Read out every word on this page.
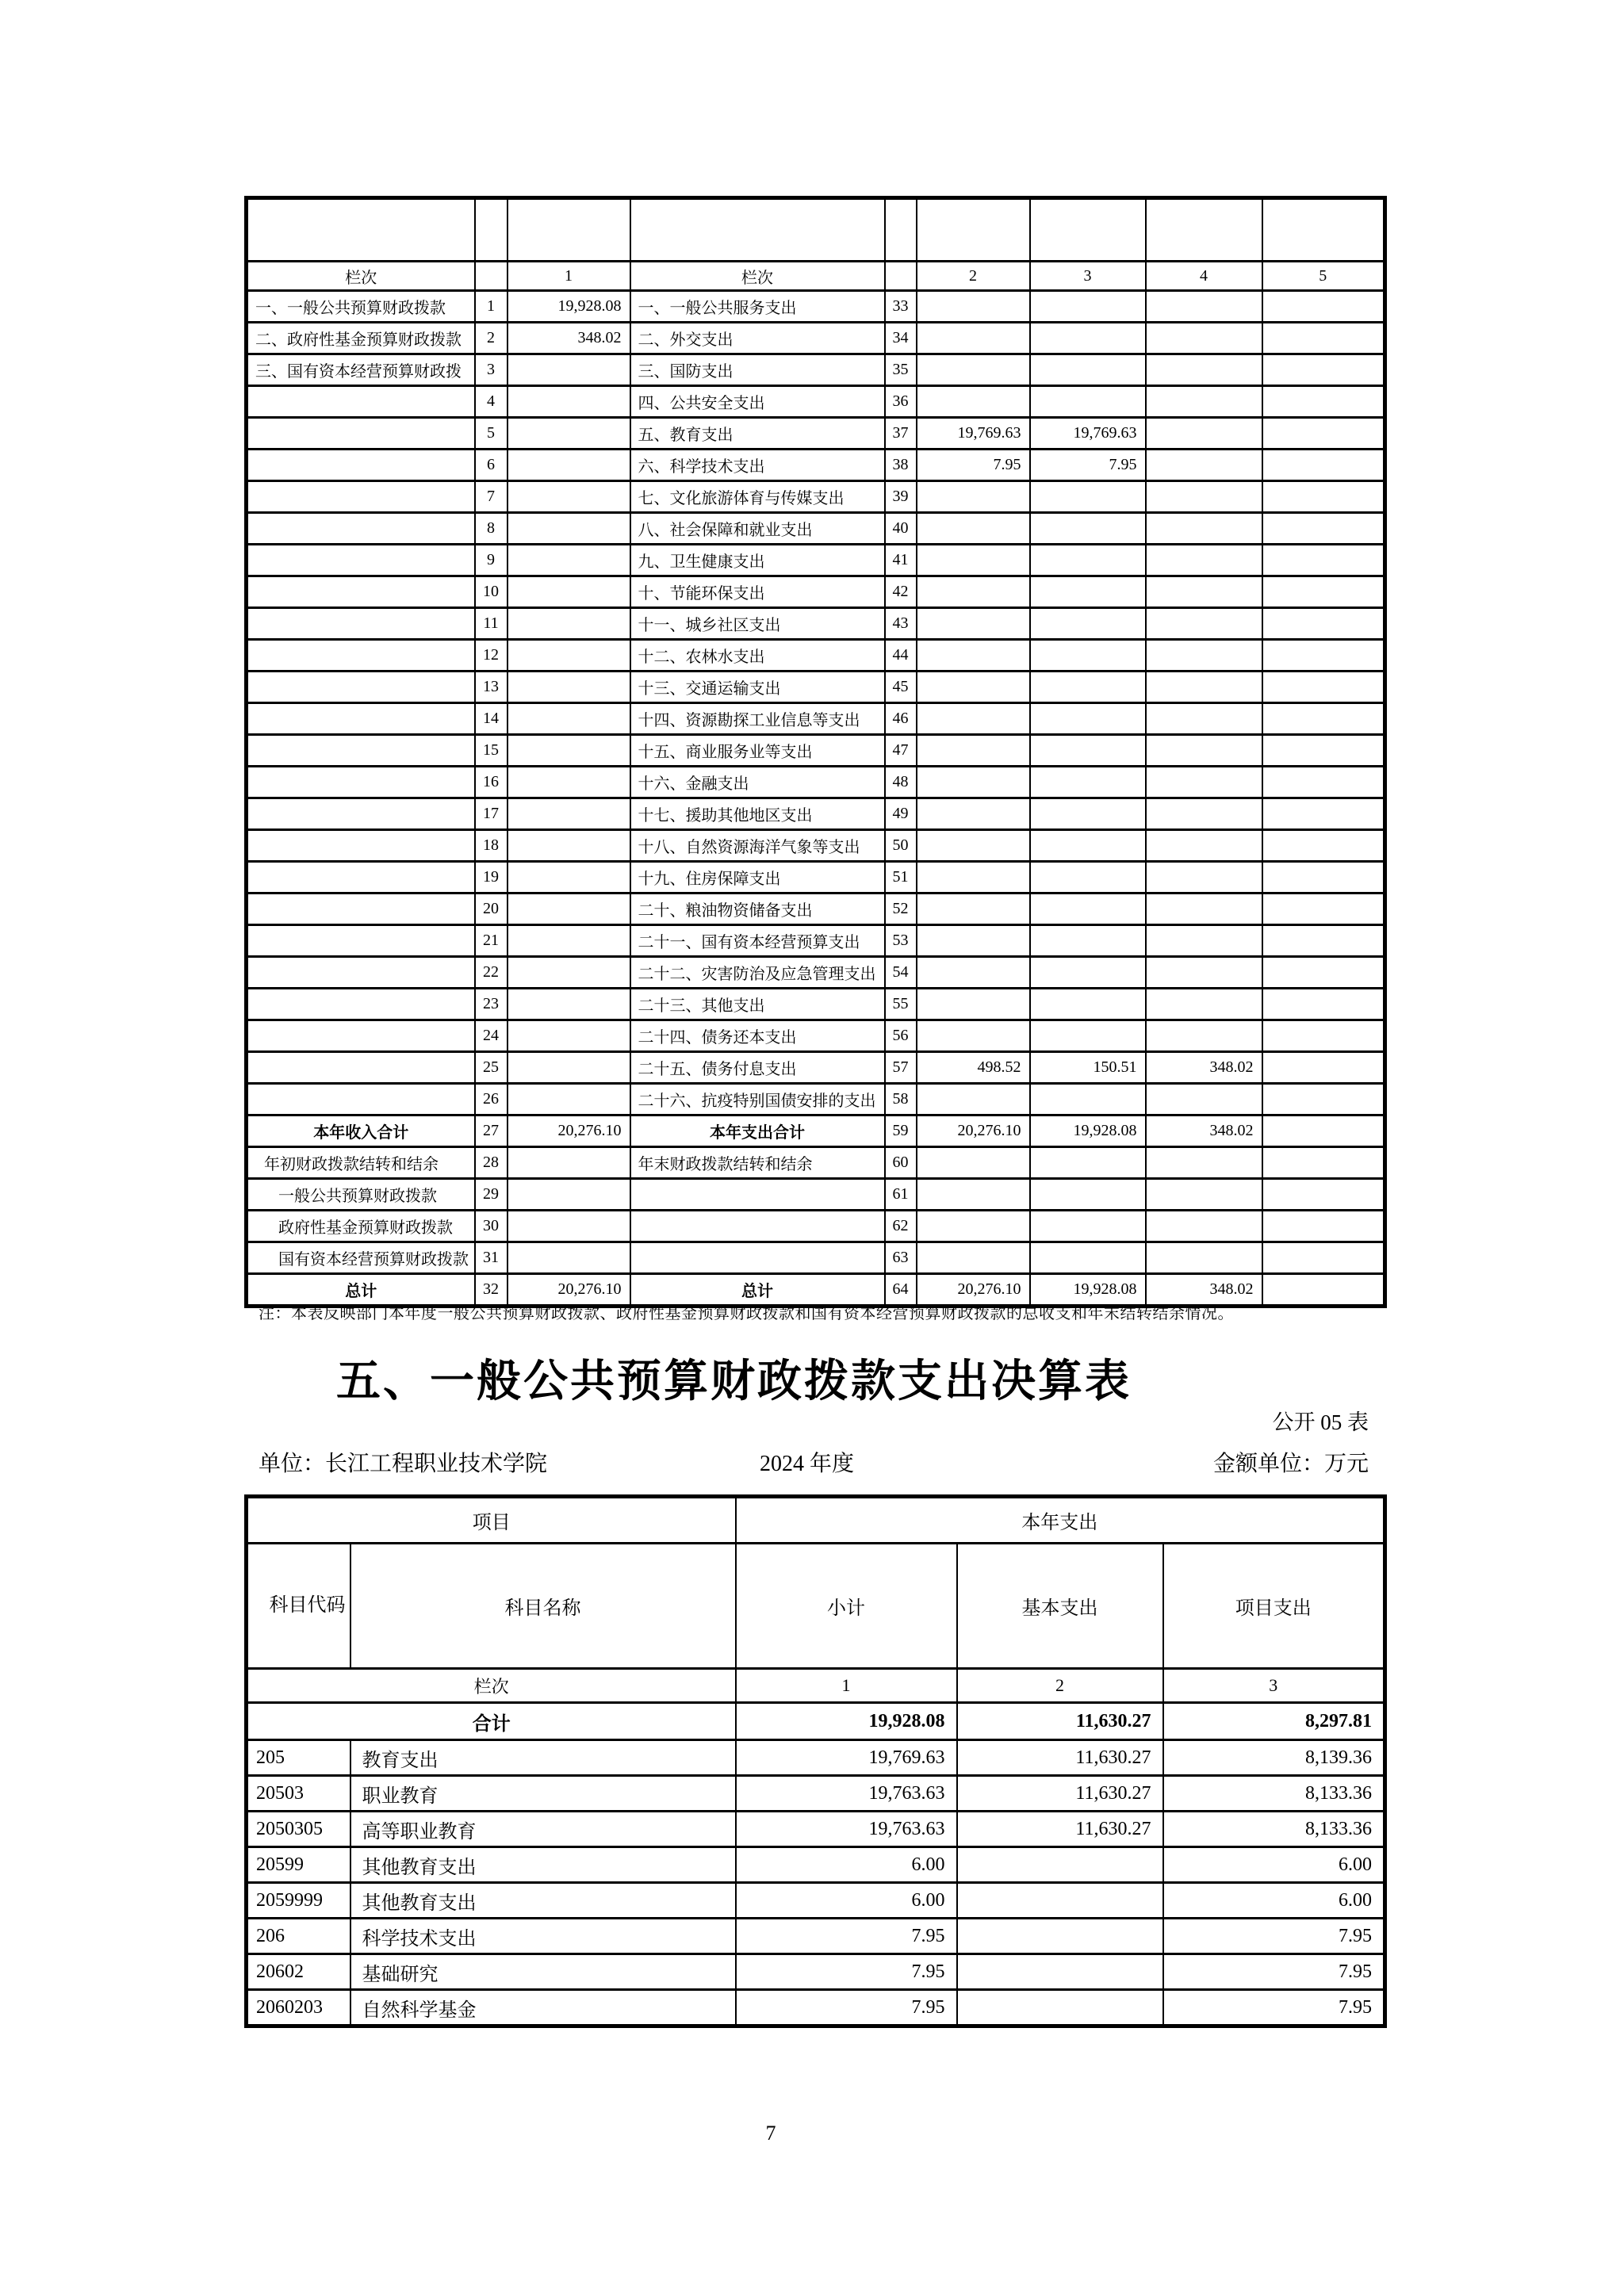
栏次		1	栏次		2	3	4	5
一、一般公共预算财政拨款	1	19,928.08	一、一般公共服务支出	33				
二、政府性基金预算财政拨款	2	348.02	二、外交支出	34				
三、国有资本经营预算财政拨	3		三、国防支出	35				
	4		四、公共安全支出	36				
	5		五、教育支出	37	19,769.63	19,769.63		
	6		六、科学技术支出	38	7.95	7.95		
	7		七、文化旅游体育与传媒支出	39				
	8		八、社会保障和就业支出	40				
	9		九、卫生健康支出	41				
	10		十、节能环保支出	42				
	11		十一、城乡社区支出	43				
	12		十二、农林水支出	44				
	13		十三、交通运输支出	45				
	14		十四、资源勘探工业信息等支出	46				
	15		十五、商业服务业等支出	47				
	16		十六、金融支出	48				
	17		十七、援助其他地区支出	49				
	18		十八、自然资源海洋气象等支出	50				
	19		十九、住房保障支出	51				
	20		二十、粮油物资储备支出	52				
	21		二十一、国有资本经营预算支出	53				
	22		二十二、灾害防治及应急管理支出	54				
	23		二十三、其他支出	55				
	24		二十四、债务还本支出	56				
	25		二十五、债务付息支出	57	498.52	150.51	348.02	
	26		二十六、抗疫特别国债安排的支出	58				
本年收入合计	27	20,276.10	本年支出合计	59	20,276.10	19,928.08	348.02	
年初财政拨款结转和结余	28		年末财政拨款结转和结余	60				
一般公共预算财政拨款	29			61				
政府性基金预算财政拨款	30			62				
国有资本经营预算财政拨款	31			63				
总计	32	20,276.10	总计	64	20,276.10	19,928.08	348.02	
注：本表反映部门本年度一般公共预算财政拨款、政府性基金预算财政拨款和国有资本经营预算财政拨款的总收支和年末结转结余情况。
五、一般公共预算财政拨款支出决算表
公开 05 表
单位：长江工程职业技术学院	2024 年度	金额单位：万元
项目		本年支出		
科目代码	科目名称	小计	基本支出	项目支出
栏次		1	2	3
合计		19,928.08	11,630.27	8,297.81
205	教育支出	19,769.63	11,630.27	8,139.36
20503	职业教育	19,763.63	11,630.27	8,133.36
2050305	高等职业教育	19,763.63	11,630.27	8,133.36
20599	其他教育支出	6.00		6.00
2059999	其他教育支出	6.00		6.00
206	科学技术支出	7.95		7.95
20602	基础研究	7.95		7.95
2060203	自然科学基金	7.95		7.95
7
